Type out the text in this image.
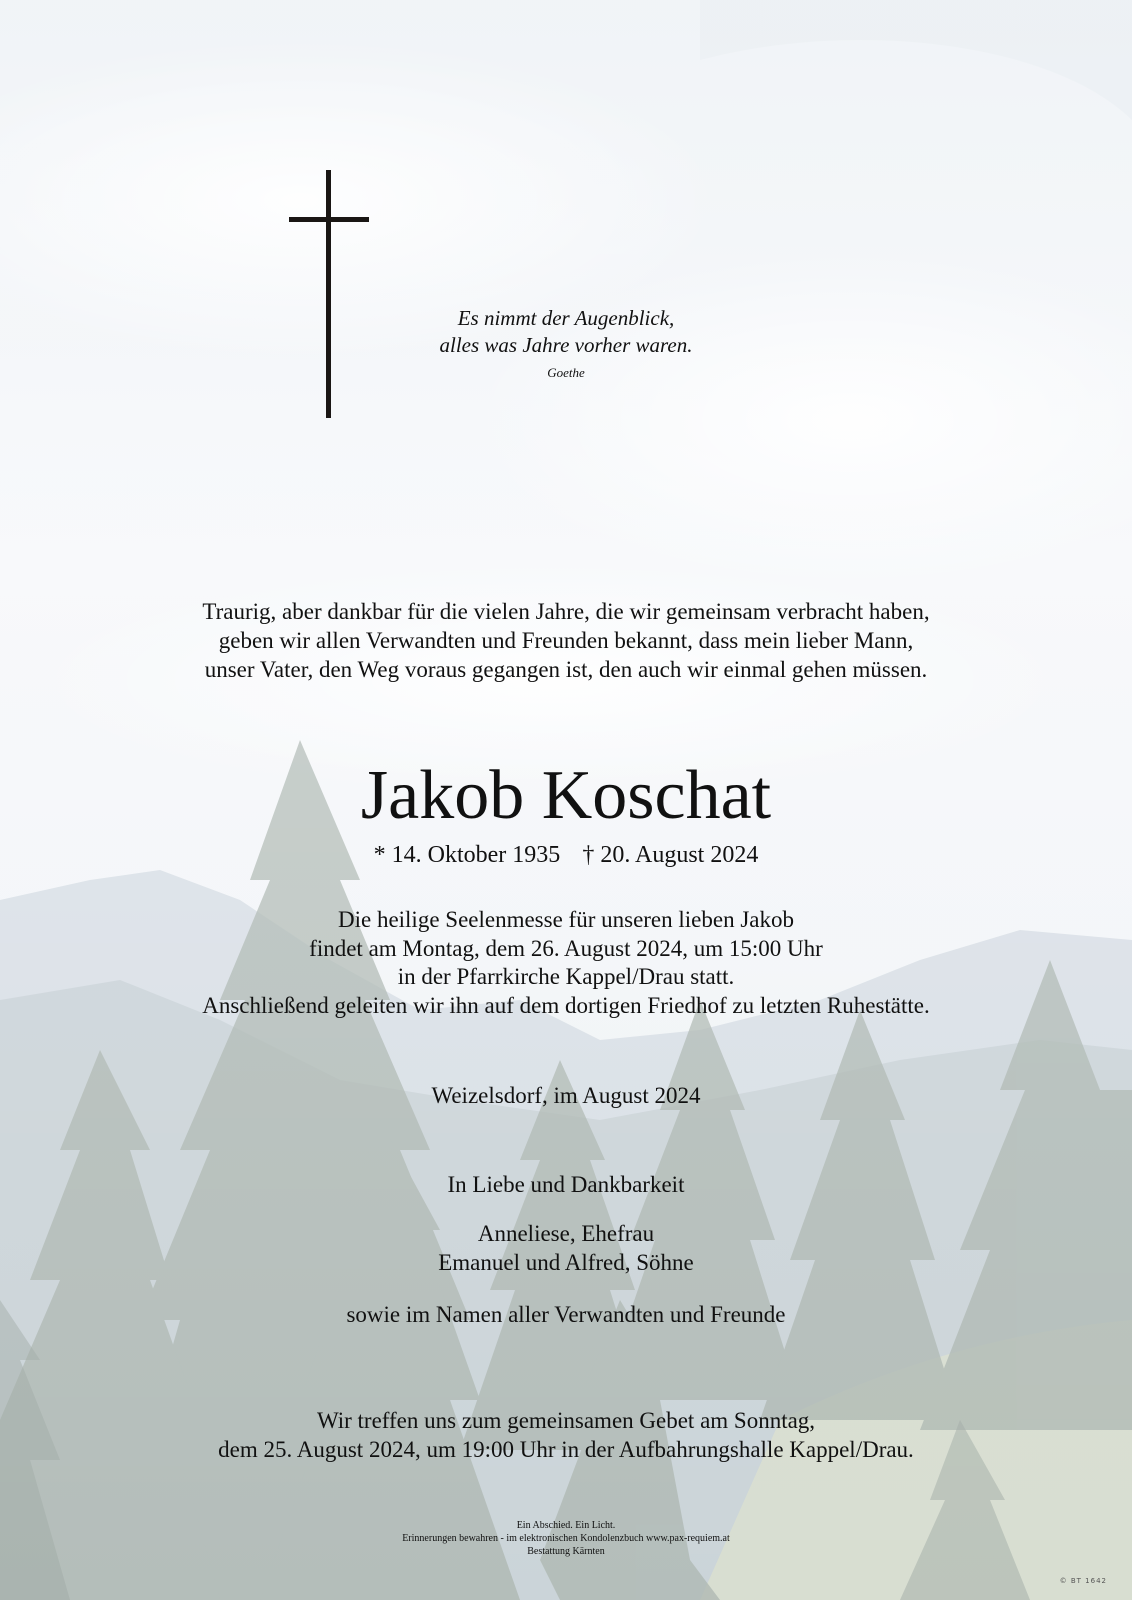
Es nimmt der Augenblick,
alles was Jahre vorher waren.
Goethe
Traurig, aber dankbar für die vielen Jahre, die wir gemeinsam verbracht haben,
geben wir allen Verwandten und Freunden bekannt, dass mein lieber Mann,
unser Vater, den Weg voraus gegangen ist, den auch wir einmal gehen müssen.
Jakob Koschat
* 14. Oktober 1935 † 20. August 2024
Die heilige Seelenmesse für unseren lieben Jakob
findet am Montag, dem 26. August 2024, um 15:00 Uhr
in der Pfarrkirche Kappel/Drau statt.
Anschließend geleiten wir ihn auf dem dortigen Friedhof zu letzten Ruhestätte.
Weizelsdorf, im August 2024
In Liebe und Dankbarkeit
Anneliese, Ehefrau
Emanuel und Alfred, Söhne
sowie im Namen aller Verwandten und Freunde
Wir treffen uns zum gemeinsamen Gebet am Sonntag,
dem 25. August 2024, um 19:00 Uhr in der Aufbahrungshalle Kappel/Drau.
Ein Abschied. Ein Licht.
Erinnerungen bewahren - im elektronischen Kondolenzbuch www.pax-requiem.at
Bestattung Kärnten
© BT 1642
